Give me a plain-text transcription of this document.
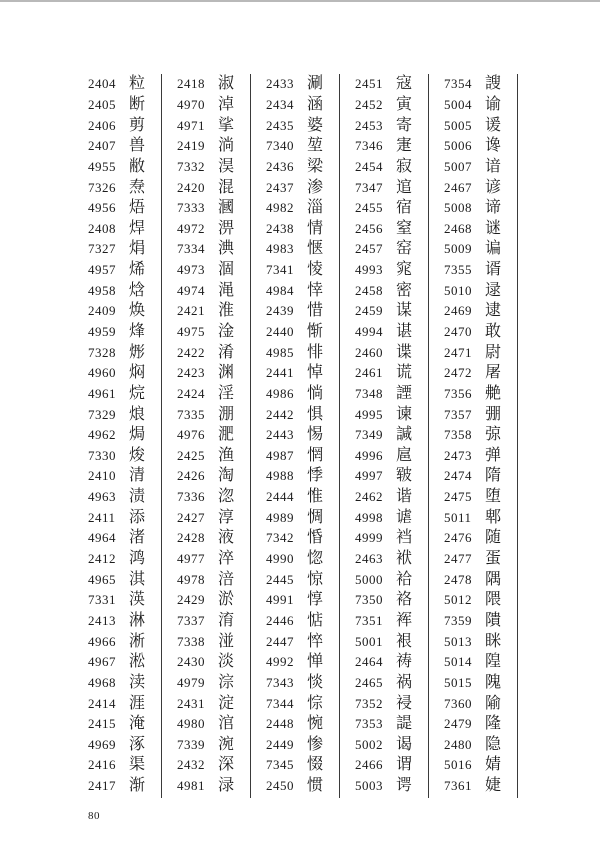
2404 粒
2405 断
2406 剪
2407 兽
4955 敝
7326 焘
4956 焐
2408 焊
7327 焆
4957 烯
4958 焓
2409 焕
4959 烽
7328 烿
4960 焖
4961 烷
7329 烺
4962 焗
7330 焌
2410 清
4963 渍
2411 添
4964 渚
2412 鸿
4965 淇
7331 渶
2413 淋
4966 淅
4967 淞
4968 渎
2414 涯
2415 淹
4969 涿
2416 渠
2417 渐
2418 淑
4970 淖
4971 挲
2419 淌
7332 淏
2420 混
7333 漍
4972 淠
7334 淟
4973 涸
4974 渑
2421 淮
4975 淦
2422 淆
2423 渊
2424 淫
7335 淜
4976 淝
2425 渔
2426 淘
7336 淴
2427 淳
2428 液
4977 淬
4978 涪
2429 淤
7337 淯
7338 湴
2430 淡
4979 淙
2431 淀
4980 涫
7339 涴
2432 深
4981 渌
2433 涮
2434 涵
2435 婆
7340 堃
2436 梁
2437 渗
4982 淄
2438 情
4983 惬
7341 㥄
4984 悻
2439 惜
2440 惭
4985 悱
2441 悼
4986 惝
2442 惧
2443 惕
4987 惘
4988 悸
2444 惟
4989 惆
7342 惛
4990 惚
2445 惊
4991 惇
2446 惦
2447 悴
4992 惮
7343 惔
7344 悰
2448 惋
2449 惨
7345 惙
2450 惯
2451 寇
2452 寅
2453 寄
7346 寁
2454 寂
7347 逭
2455 宿
2456 窒
2457 窑
4993 窕
2458 密
2459 谋
4994 谌
2460 谍
2461 谎
7348 諲
4995 谏
7349 諴
4996 扈
4997 皲
2462 谐
4998 谑
4999 裆
2463 袱
5000 袷
7350 袼
7351 裈
5001 裉
2464 祷
2465 祸
7352 祲
7353 諟
5002 谒
2466 谓
5003 谔
7354 謏
5004 谕
5005 谖
5006 谗
5007 谙
2467 谚
5008 谛
2468 谜
5009 谝
7355 谞
5010 逯
2469 逮
2470 敢
2471 尉
2472 屠
7356 艴
7357 弸
7358 弶
2473 弹
2474 隋
2475 堕
5011 郫
2476 随
2477 蛋
2478 隅
5012 隈
7359 隤
5013 眯
5014 隍
5015 隗
7360 隃
2479 隆
2480 隐
5016 婧
7361 婕
80
